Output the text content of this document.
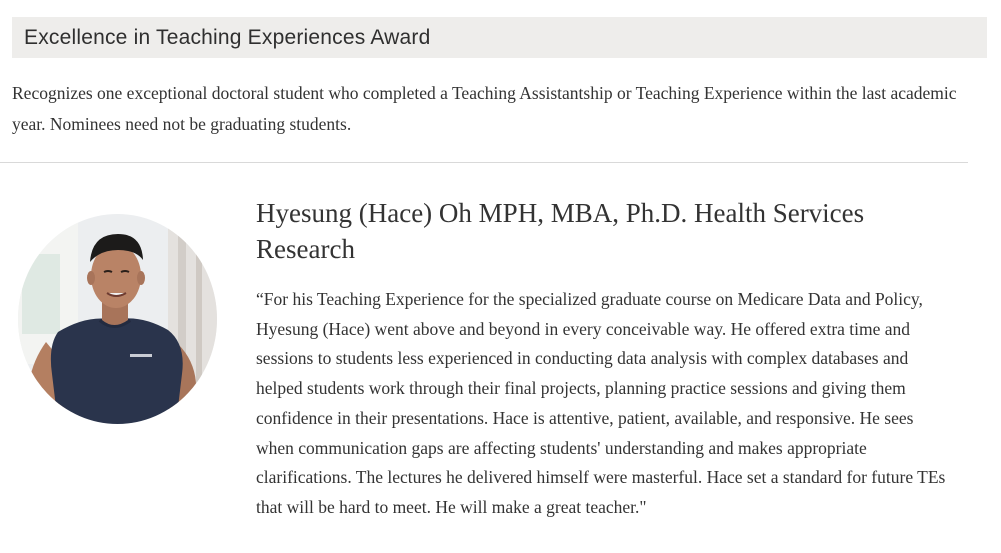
Excellence in Teaching Experiences Award

Recognizes one exceptional doctoral student who completed a Teaching Assistantship or Teaching Experience within the last academic year. Nominees need not be graduating students.

Hyesung (Hace) Oh MPH, MBA, Ph.D. Health Services Research

“For his Teaching Experience for the specialized graduate course on Medicare Data and Policy, Hyesung (Hace) went above and beyond in every conceivable way. He offered extra time and sessions to students less experienced in conducting data analysis with complex databases and helped students work through their final projects, planning practice sessions and giving them confidence in their presentations. Hace is attentive, patient, available, and responsive. He sees when communication gaps are affecting students' understanding and makes appropriate clarifications. The lectures he delivered himself were masterful. Hace set a standard for future TEs that will be hard to meet. He will make a great teacher."
